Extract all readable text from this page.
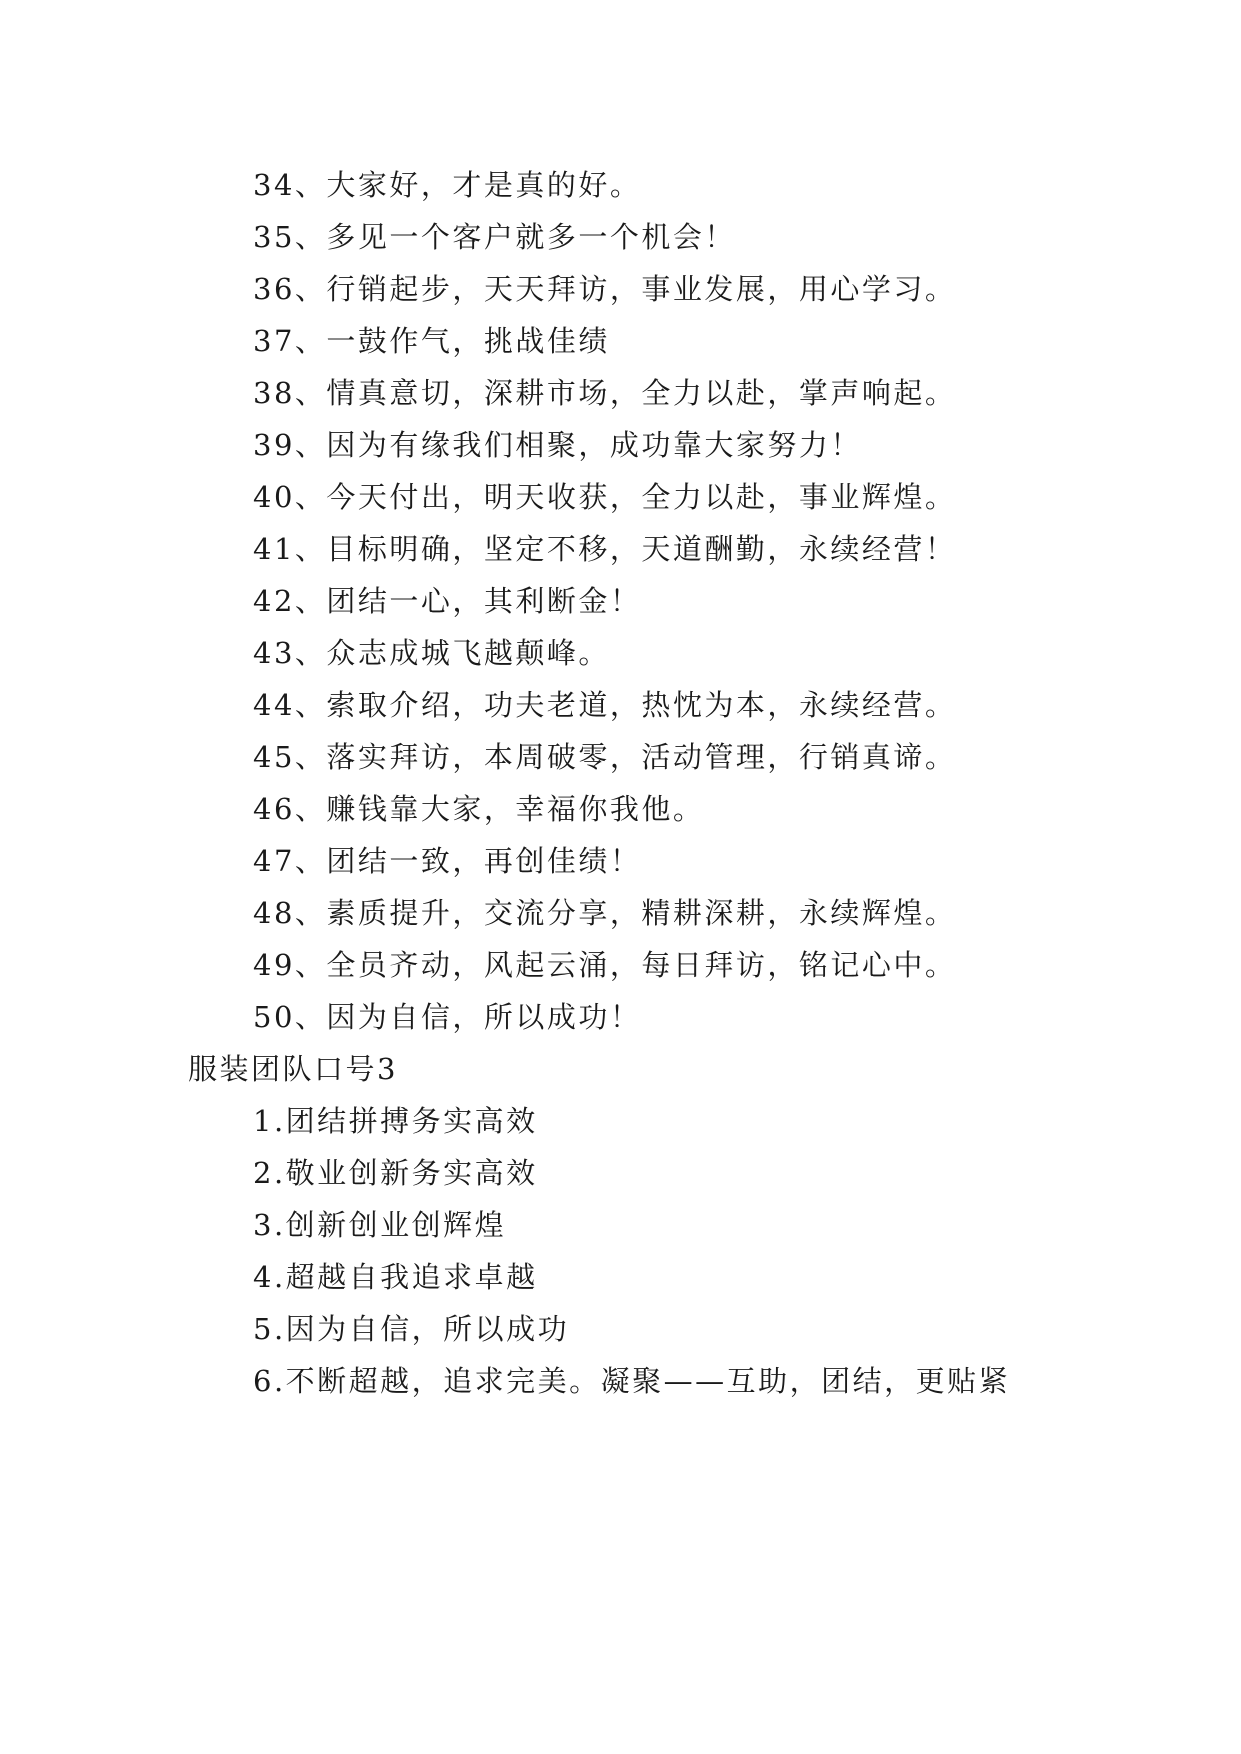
34、大家好，才是真的好。
35、多见一个客户就多一个机会！
36、行销起步，天天拜访，事业发展，用心学习。
37、一鼓作气，挑战佳绩
38、情真意切，深耕市场，全力以赴，掌声响起。
39、因为有缘我们相聚，成功靠大家努力！
40、今天付出，明天收获，全力以赴，事业辉煌。
41、目标明确，坚定不移，天道酬勤，永续经营！
42、团结一心，其利断金！
43、众志成城飞越颠峰。
44、索取介绍，功夫老道，热忱为本，永续经营。
45、落实拜访，本周破零，活动管理，行销真谛。
46、赚钱靠大家，幸福你我他。
47、团结一致，再创佳绩！
48、素质提升，交流分享，精耕深耕，永续辉煌。
49、全员齐动，风起云涌，每日拜访，铭记心中。
50、因为自信，所以成功！
服装团队口号3
1.团结拼搏务实高效
2.敬业创新务实高效
3.创新创业创辉煌
4.超越自我追求卓越
5.因为自信，所以成功
6.不断超越，追求完美。凝聚——互助，团结，更贴紧
